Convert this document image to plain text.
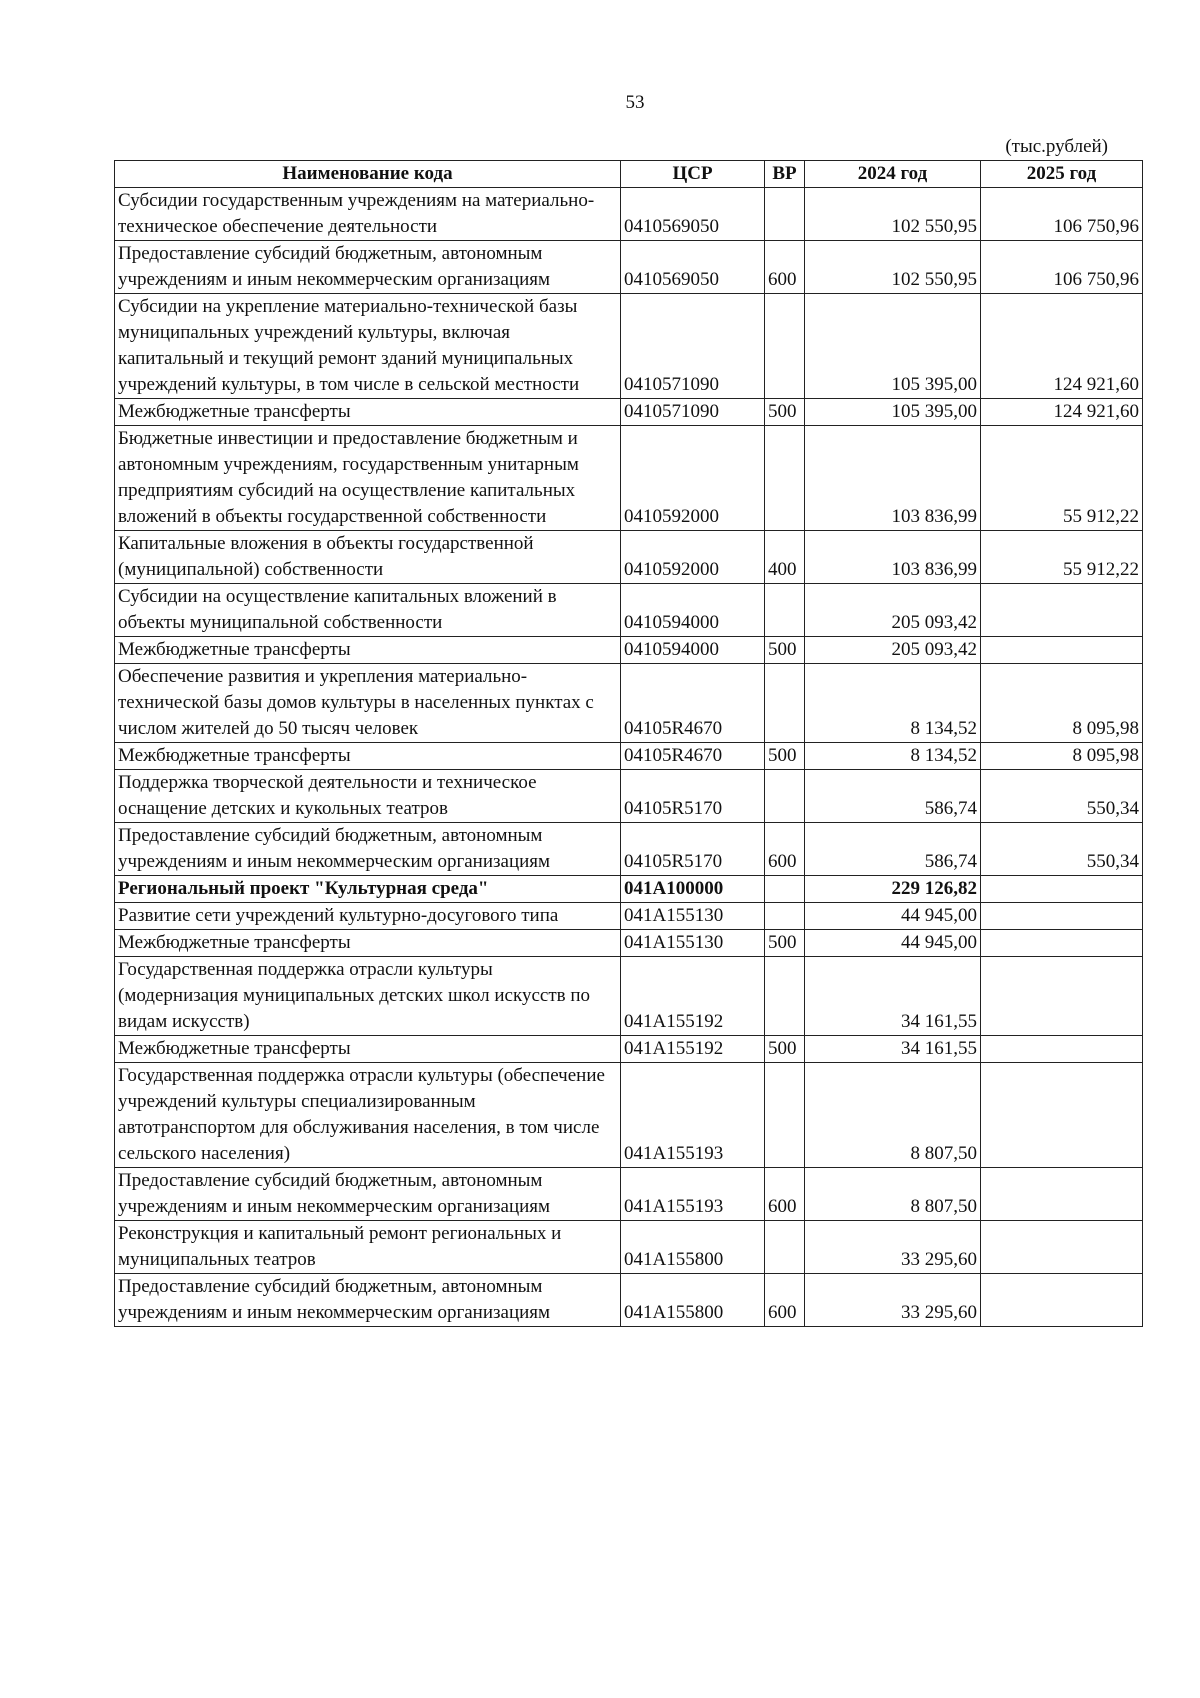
53
(тыс.рублей)
Наименование кода	ЦСР	ВР	2024 год	2025 год
Субсидии государственным учреждениям на материально-техническое обеспечение деятельности	0410569050		102 550,95	106 750,96
Предоставление субсидий бюджетным, автономным учреждениям и иным некоммерческим организациям	0410569050	600	102 550,95	106 750,96
Субсидии на укрепление материально-технической базы муниципальных учреждений культуры, включая капитальный и текущий ремонт зданий муниципальных учреждений культуры, в том числе в сельской местности	0410571090		105 395,00	124 921,60
Межбюджетные трансферты	0410571090	500	105 395,00	124 921,60
Бюджетные инвестиции и предоставление бюджетным и автономным учреждениям, государственным унитарным предприятиям субсидий на осуществление капитальных вложений в объекты государственной собственности	0410592000		103 836,99	55 912,22
Капитальные вложения в объекты государственной (муниципальной) собственности	0410592000	400	103 836,99	55 912,22
Субсидии на осуществление капитальных вложений в объекты муниципальной собственности	0410594000		205 093,42	
Межбюджетные трансферты	0410594000	500	205 093,42	
Обеспечение развития и укрепления материально-технической базы домов культуры в населенных пунктах с числом жителей до 50 тысяч человек	04105R4670		8 134,52	8 095,98
Межбюджетные трансферты	04105R4670	500	8 134,52	8 095,98
Поддержка творческой деятельности и техническое оснащение детских и кукольных театров	04105R5170		586,74	550,34
Предоставление субсидий бюджетным, автономным учреждениям и иным некоммерческим организациям	04105R5170	600	586,74	550,34
Региональный проект "Культурная среда"	041A100000		229 126,82	
Развитие сети учреждений культурно-досугового типа	041A155130		44 945,00	
Межбюджетные трансферты	041A155130	500	44 945,00	
Государственная поддержка отрасли культуры (модернизация муниципальных детских школ искусств по видам искусств)	041A155192		34 161,55	
Межбюджетные трансферты	041A155192	500	34 161,55	
Государственная поддержка отрасли культуры (обеспечение учреждений культуры специализированным автотранспортом для обслуживания населения, в том числе сельского населения)	041A155193		8 807,50	
Предоставление субсидий бюджетным, автономным учреждениям и иным некоммерческим организациям	041A155193	600	8 807,50	
Реконструкция и капитальный ремонт региональных и муниципальных театров	041A155800		33 295,60	
Предоставление субсидий бюджетным, автономным учреждениям и иным некоммерческим организациям	041A155800	600	33 295,60	
